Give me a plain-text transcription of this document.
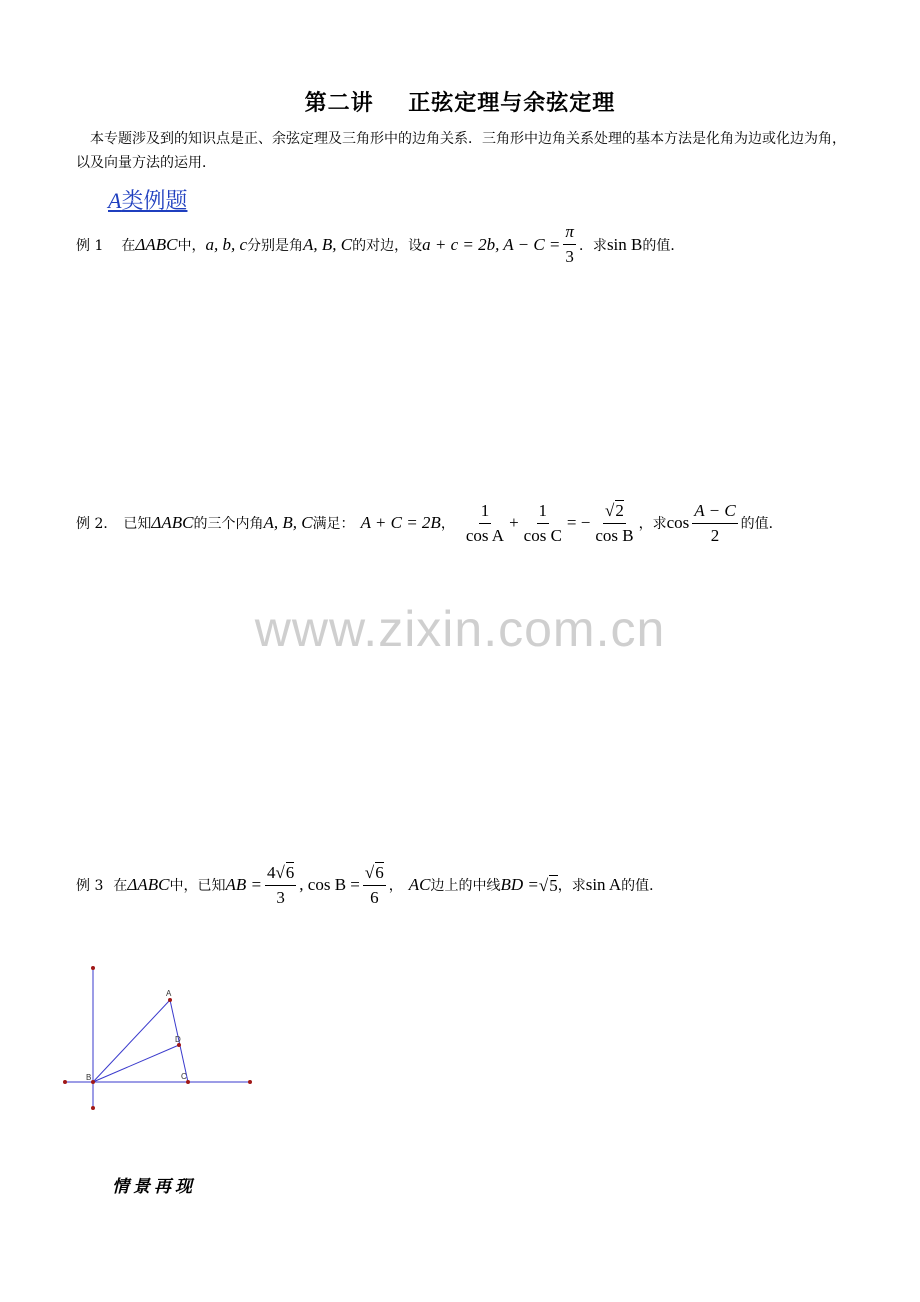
第二讲    正弦定理与余弦定理
本专题涉及到的知识点是正、余弦定理及三角形中的边角关系．三角形中边角关系处理的基本方法是化角为边或化边为角，以及向量方法的运用．
A类例题
例 1 在 ΔABC 中， a, b, c 分别是角 A, B, C 的对边，设 a + c = 2b, $A - C = \frac{\pi}{3}$ ．求 sin B 的值．
例 2． 已知 ΔABC 的三个内角 A, B, C 满足： A + C = 2B ， $\frac{1}{\text{cos A}} + \frac{1}{\text{cos C}}$ = − $\frac{√2}{\text{cos B}}$ ，求 $\cos \frac{A - C}{2}$ 的值．
www.zixin.com.cn
例 3 在 ΔABC 中，已知 AB = $\frac{4√6}{3}$ , $\cos B = \frac{√6}{6}$ ， AC 边上的中线 BD = √5 ，求 sin A 的值．
A
B	C
D
情景再现
